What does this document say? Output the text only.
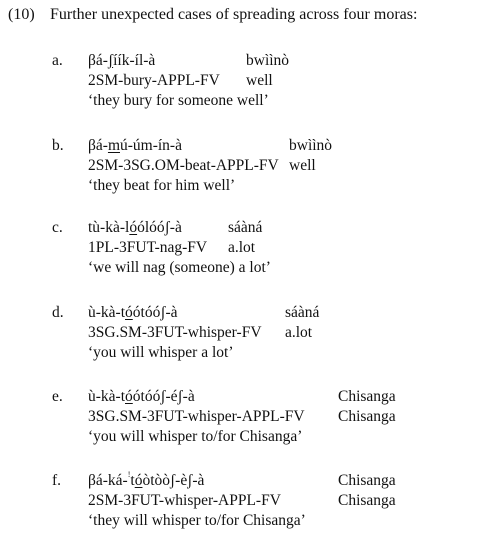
(10) Further unexpected cases of spreading across four moras:
a. βá-ʃíík-íl-à	bwììnò
2SM-bury-APPL-FV well
‘they bury for someone well’
b. βá-mú-úm-ín-à	bwììnò
2SM-3SG.OM-beat-APPL-FV well
‘they beat for him well’
c. tù-kà-lóólóóʃ-à	sáàná
1PL-3FUT-nag-FV a.lot
‘we will nag (someone) a lot’
d. ù-kà-tóótóóʃ-à	sáàná
3SG.SM-3FUT-whisper-FV a.lot
‘you will whisper a lot’
e. ù-kà-tóótóóʃ-éʃ-à	Chisanga
3SG.SM-3FUT-whisper-APPL-FV Chisanga
‘you will whisper to/for Chisanga’
f. βá-ká-!tóòtòòʃ-èʃ-à	Chisanga
2SM-3FUT-whisper-APPL-FV	Chisanga
‘they will whisper to/for Chisanga’
